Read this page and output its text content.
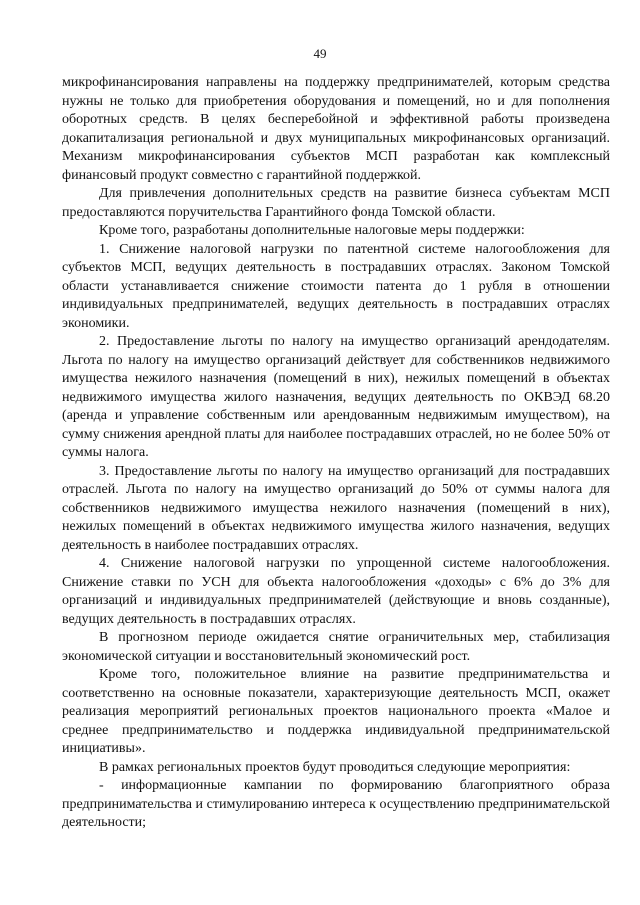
49

микрофинансирования направлены на поддержку предпринимателей, которым средства нужны не только для приобретения оборудования и помещений, но и для пополнения оборотных средств. В целях бесперебойной и эффективной работы произведена докапитализация региональной и двух муниципальных микрофинансовых организаций. Механизм микрофинансирования субъектов МСП разработан как комплексный финансовый продукт совместно с гарантийной поддержкой.

Для привлечения дополнительных средств на развитие бизнеса субъектам МСП предоставляются поручительства Гарантийного фонда Томской области.

Кроме того, разработаны дополнительные налоговые меры поддержки:

1. Снижение налоговой нагрузки по патентной системе налогообложения для субъектов МСП, ведущих деятельность в пострадавших отраслях. Законом Томской области устанавливается снижение стоимости патента до 1 рубля в отношении индивидуальных предпринимателей, ведущих деятельность в пострадавших отраслях экономики.

2. Предоставление льготы по налогу на имущество организаций арендодателям. Льгота по налогу на имущество организаций действует для собственников недвижимого имущества нежилого назначения (помещений в них), нежилых помещений в объектах недвижимого имущества жилого назначения, ведущих деятельность по ОКВЭД 68.20 (аренда и управление собственным или арендованным недвижимым имуществом), на сумму снижения арендной платы для наиболее пострадавших отраслей, но не более 50% от суммы налога.

3. Предоставление льготы по налогу на имущество организаций для пострадавших отраслей. Льгота по налогу на имущество организаций до 50% от суммы налога для собственников недвижимого имущества нежилого назначения (помещений в них), нежилых помещений в объектах недвижимого имущества жилого назначения, ведущих деятельность в наиболее пострадавших отраслях.

4. Снижение налоговой нагрузки по упрощенной системе налогообложения. Снижение ставки по УСН для объекта налогообложения «доходы» с 6% до 3% для организаций и индивидуальных предпринимателей (действующие и вновь созданные), ведущих деятельность в пострадавших отраслях.

В прогнозном периоде ожидается снятие ограничительных мер, стабилизация экономической ситуации и восстановительный экономический рост.

Кроме того, положительное влияние на развитие предпринимательства и соответственно на основные показатели, характеризующие деятельность МСП, окажет реализация мероприятий региональных проектов национального проекта «Малое и среднее предпринимательство и поддержка индивидуальной предпринимательской инициативы».

В рамках региональных проектов будут проводиться следующие мероприятия:

- информационные кампании по формированию благоприятного образа предпринимательства и стимулированию интереса к осуществлению предпринимательской деятельности;
